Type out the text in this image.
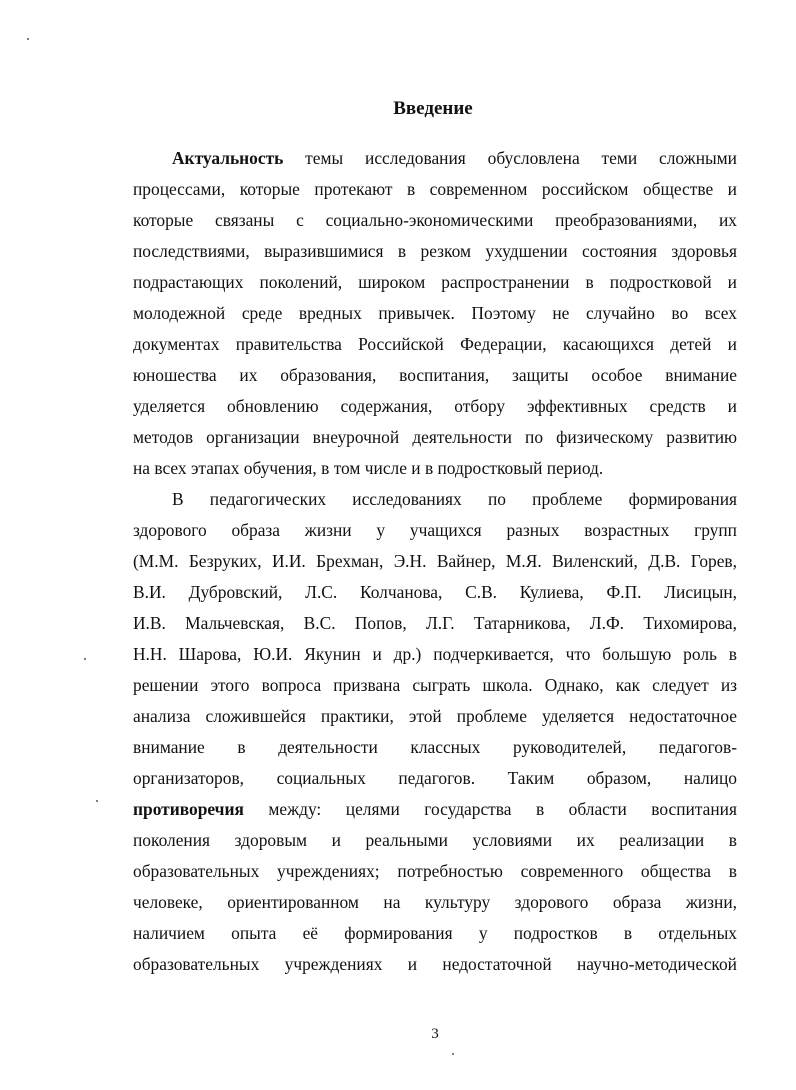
Введение
Актуальность темы исследования обусловлена теми сложными
процессами, которые протекают в современном российском обществе и
которые связаны с социально-экономическими преобразованиями, их
последствиями, выразившимися в резком ухудшении состояния здоровья
подрастающих поколений, широком распространении в подростковой и
молодежной среде вредных привычек. Поэтому не случайно во всех
документах правительства Российской Федерации, касающихся детей и
юношества их образования, воспитания, защиты особое внимание
уделяется обновлению содержания, отбору эффективных средств и
методов организации внеурочной деятельности по физическому развитию
на всех этапах обучения, в том числе и в подростковый период.
В педагогических исследованиях по проблеме формирования
здорового образа жизни у учащихся разных возрастных групп
(М.М. Безруких, И.И. Брехман, Э.Н. Вайнер, М.Я. Виленский, Д.В. Горев,
В.И. Дубровский, Л.С. Колчанова, С.В. Кулиева, Ф.П. Лисицын,
И.В. Мальчевская, В.С. Попов, Л.Г. Татарникова, Л.Ф. Тихомирова,
Н.Н. Шарова, Ю.И. Якунин и др.) подчеркивается, что большую роль в
решении этого вопроса призвана сыграть школа. Однако, как следует из
анализа сложившейся практики, этой проблеме уделяется недостаточное
внимание в деятельности классных руководителей, педагогов-
организаторов, социальных педагогов. Таким образом, налицо
противоречия между: целями государства в области воспитания
поколения здоровым и реальными условиями их реализации в
образовательных учреждениях; потребностью современного общества в
человеке, ориентированном на культуру здорового образа жизни,
наличием опыта её формирования у подростков в отдельных
образовательных учреждениях и недостаточной научно-методической
3
